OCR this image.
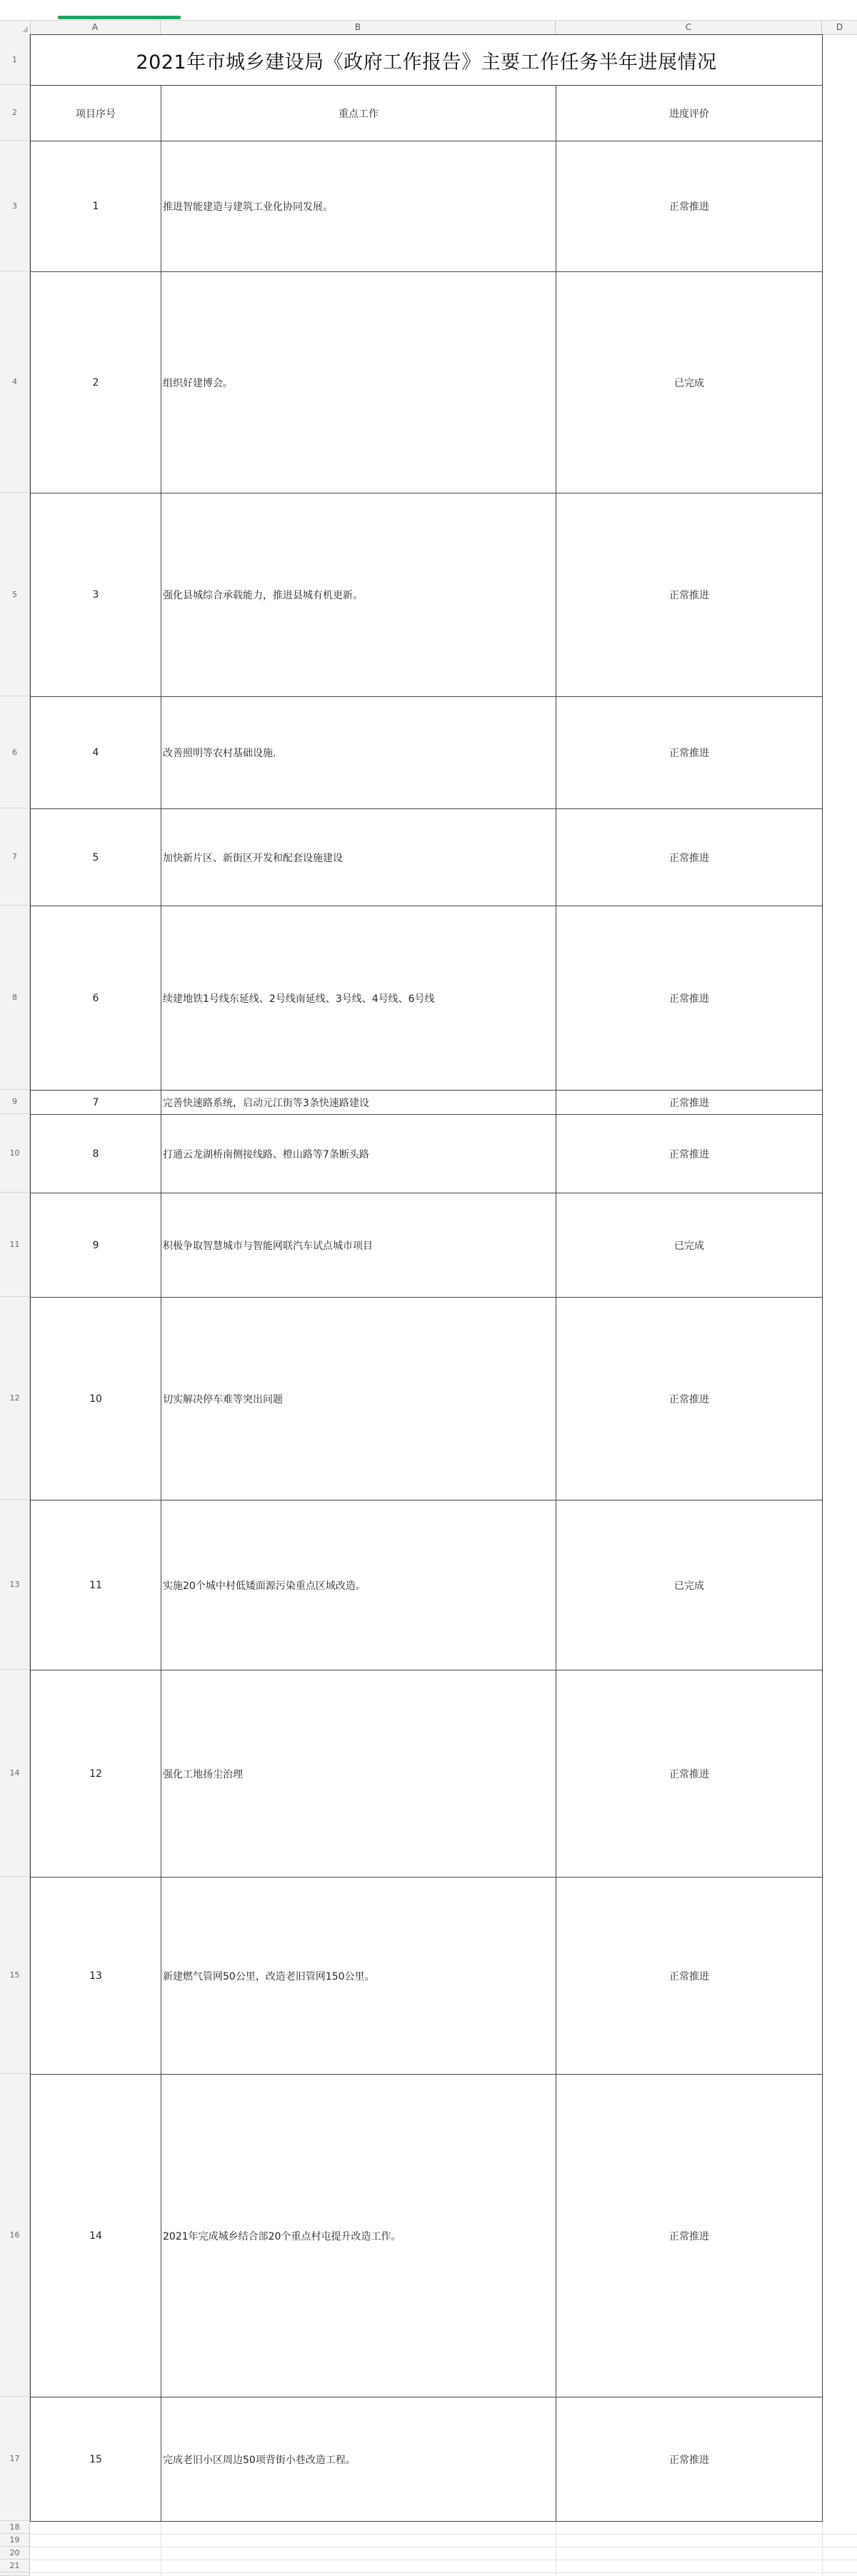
A	B	C	D
1
2
3
4
5
6
7
8
9
10
11
12
13
14
15
16
17
18
19
20
21
2021年市城乡建设局《政府工作报告》主要工作任务半年进展情况
项目序号	重点工作	进度评价
1	推进智能建造与建筑工业化协同发展。	正常推进
2	组织好建博会。	已完成
3	强化县城综合承载能力，推进县城有机更新。	正常推进
4	改善照明等农村基础设施.	正常推进
5	加快新片区、新街区开发和配套设施建设	正常推进
6	续建地铁1号线东延线、2号线南延线、3号线、4号线、6号线	正常推进
7	完善快速路系统，启动元江街等3条快速路建设	正常推进
8	打通云龙湖桥南侧接线路、橙山路等7条断头路	正常推进
9	积极争取智慧城市与智能网联汽车试点城市项目	已完成
10	切实解决停车难等突出问题	正常推进
11	实施20个城中村低矮面源污染重点区域改造。	已完成
12	强化工地扬尘治理	正常推进
13	新建燃气管网50公里，改造老旧管网150公里。	正常推进
14	2021年完成城乡结合部20个重点村屯提升改造工作。	正常推进
15	完成老旧小区周边50项背街小巷改造工程。	正常推进
